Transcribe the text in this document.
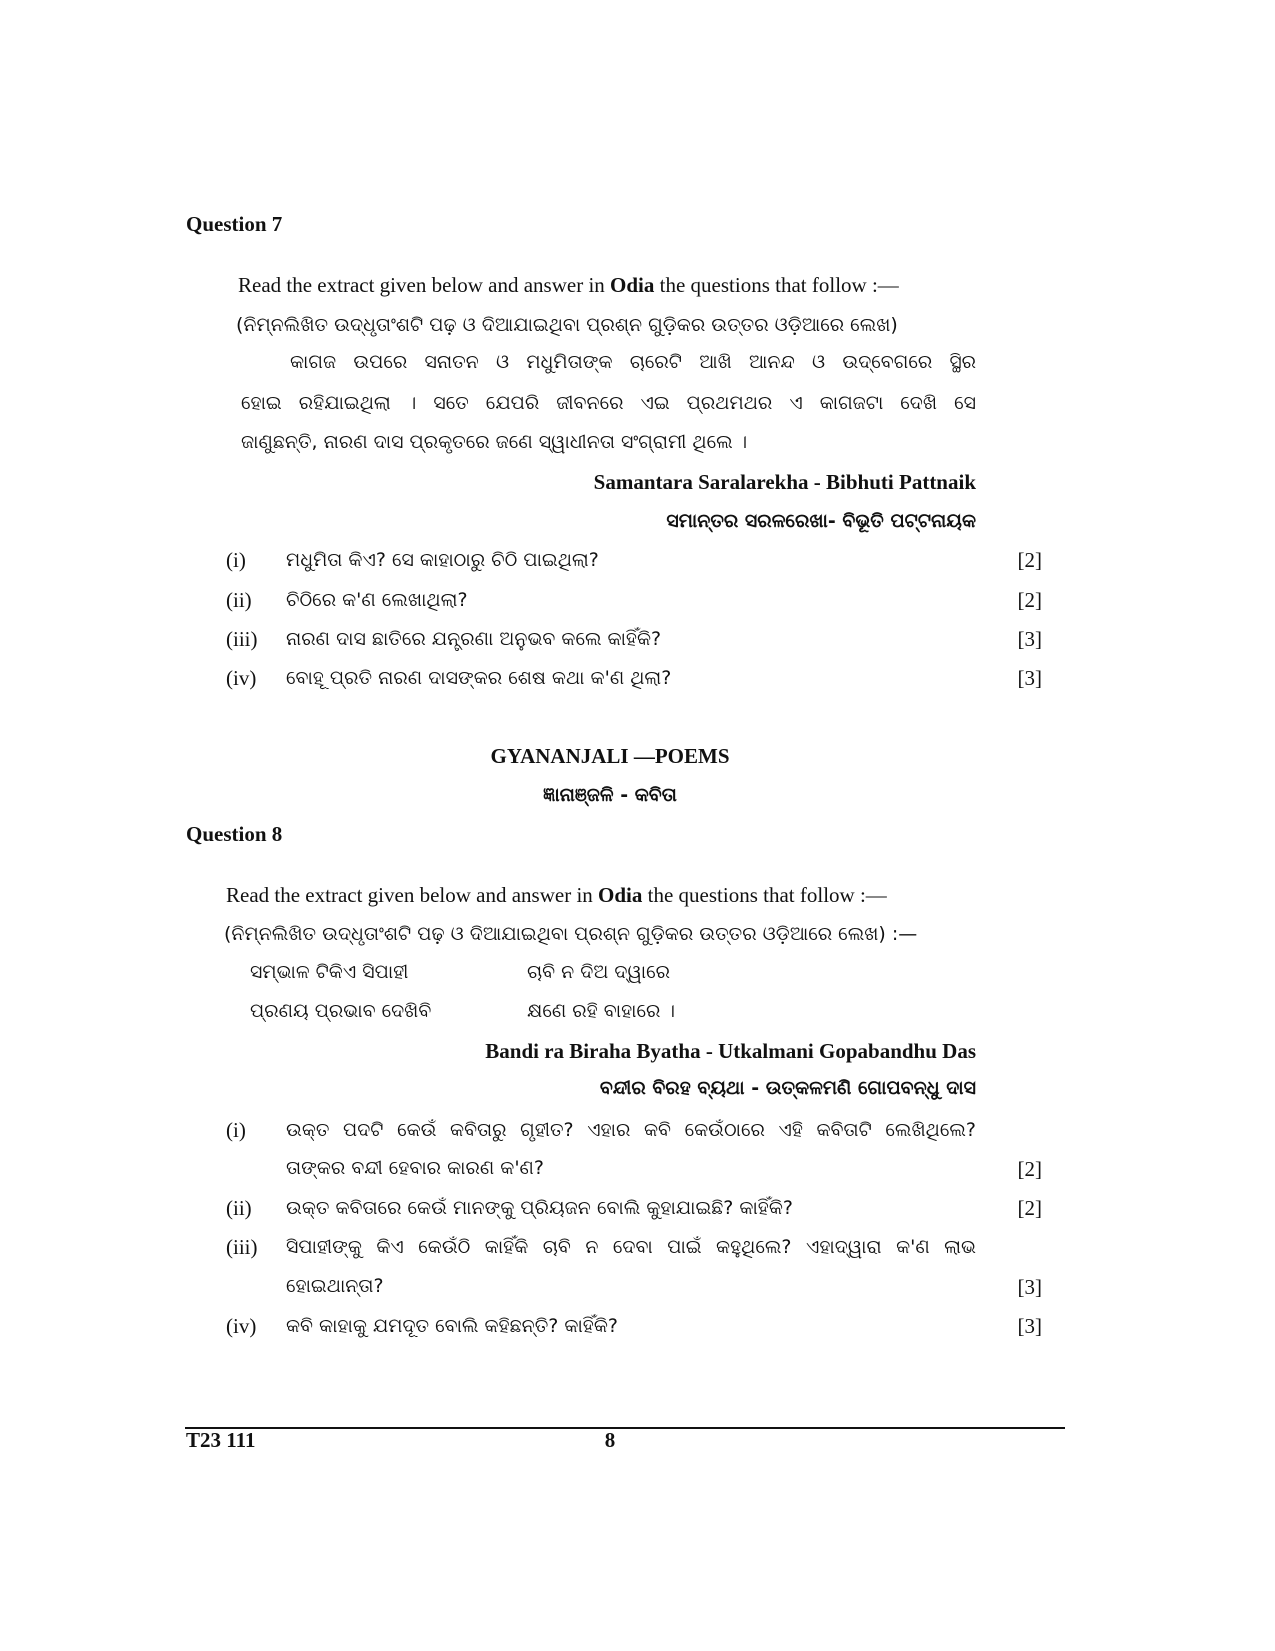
Question 7
Read the extract given below and answer in Odia the questions that follow :—
(ନିମ୍ନଲିଖିତ ଉଦ୍ଧୃତାଂଶଟି ପଢ଼ ଓ ଦିଆଯାଇଥିବା ପ୍ରଶ୍ନ ଗୁଡ଼ିକର ଉତ୍ତର ଓଡ଼ିଆରେ ଲେଖ)
କାଗଜ ଉପରେ ସନାତନ ଓ ମଧୁମିତାଙ୍କ ଚାରେଟି ଆଖି ଆନନ୍ଦ ଓ ଉଦ୍‌ବେଗରେ ସ୍ଥିର
ହୋଇ ରହିଯାଇଥିଲା । ସତେ ଯେପରି ଜୀବନରେ ଏଇ ପ୍ରଥମଥର ଏ କାଗଜଟା ଦେଖି ସେ
ଜାଣୁଛନ୍ତି, ନାରଣ ଦାସ ପ୍ରକୃତରେ ଜଣେ ସ୍ୱାଧୀନତା ସଂଗ୍ରାମୀ ଥିଲେ ।
Samantara Saralarekha - Bibhuti Pattnaik
ସମାନ୍ତର ସରଳରେଖା- ବିଭୂତି ପଟ୍ଟନାୟକ
(i) ମଧୁମିତା କିଏ? ସେ କାହାଠାରୁ ଚିଠି ପାଇଥିଲା?	[2]
(ii) ଚିଠିରେ କ'ଣ ଲେଖାଥିଲା?	[2]
(iii) ନାରଣ ଦାସ ଛାତିରେ ଯନ୍ତ୍ରଣା ଅନୁଭବ କଲେ କାହିଁକି?	[3]
(iv) ବୋହୂ ପ୍ରତି ନାରଣ ଦାସଙ୍କର ଶେଷ କଥା କ'ଣ ଥିଲା?	[3]
GYANANJALI —POEMS
ଜ୍ଞାନାଞ୍ଜଳି - କବିତା
Question 8
Read the extract given below and answer in Odia the questions that follow :—
(ନିମ୍ନଲିଖିତ ଉଦ୍ଧୃତାଂଶଟି ପଢ଼ ଓ ଦିଆଯାଇଥିବା ପ୍ରଶ୍ନ ଗୁଡ଼ିକର ଉତ୍ତର ଓଡ଼ିଆରେ ଲେଖ) :—
ସମ୍ଭାଳ ଟିକିଏ ସିପାହୀ	ଚାବି ନ ଦିଅ ଦ୍ୱାରେ
ପ୍ରଣୟ ପ୍ରଭାବ ଦେଖିବି	କ୍ଷଣେ ରହି ବାହାରେ ।
Bandi ra Biraha Byatha - Utkalmani Gopabandhu Das
ବନ୍ଦୀର ବିରହ ବ୍ୟଥା - ଉତ୍କଳମଣି ଗୋପବନ୍ଧୁ ଦାସ
(i) ଉକ୍ତ ପଦଟି କେଉଁ କବିତାରୁ ଗୃହୀତ? ଏହାର କବି କେଉଁଠାରେ ଏହି କବିତାଟି ଲେଖିଥିଲେ?
ତାଙ୍କର ବନ୍ଦୀ ହେବାର କାରଣ କ'ଣ?	[2]
(ii) ଉକ୍ତ କବିତାରେ କେଉଁ ମାନଙ୍କୁ ପ୍ରିୟଜନ ବୋଲି କୁହାଯାଇଛି? କାହିଁକି?	[2]
(iii) ସିପାହୀଙ୍କୁ କିଏ କେଉଁଠି କାହିଁକି ଚାବି ନ ଦେବା ପାଇଁ କହୁଥିଲେ? ଏହାଦ୍ୱାରା କ'ଣ ଲାଭ
ହୋଇଥାନ୍ତା?	[3]
(iv) କବି କାହାକୁ ଯମଦୂତ ବୋଲି କହିଛନ୍ତି? କାହିଁକି?	[3]
T23 111	8
